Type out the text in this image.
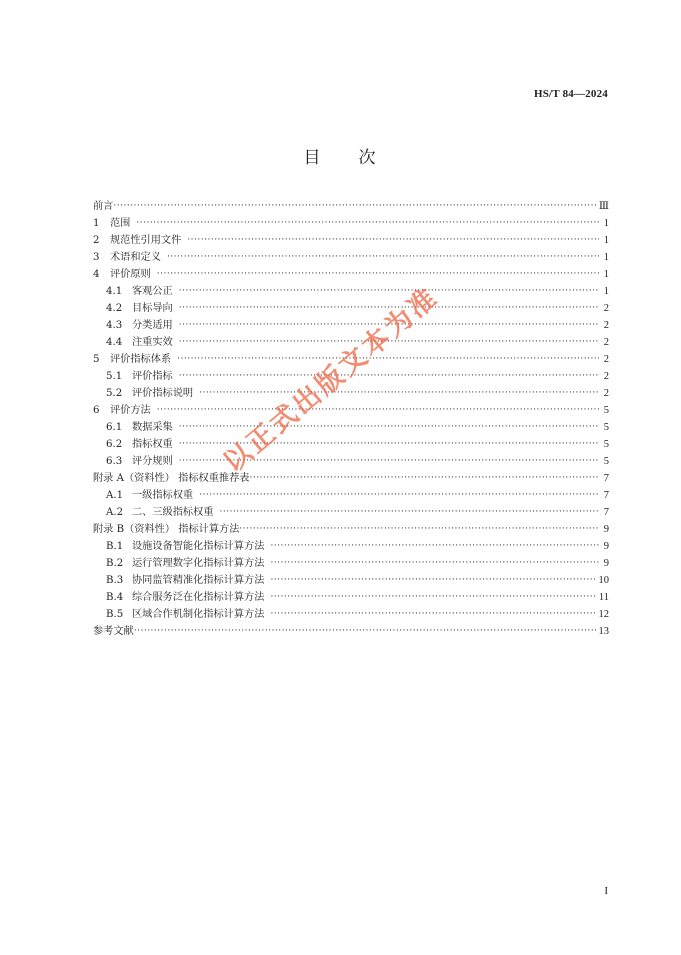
HS/T 84—2024
目 次
前言 ·····	Ⅲ
1	范围 ·····	1
2	规范性引用文件 ·····	1
3	术语和定义 ·····	1
4	评价原则 ·····	1
4.1 客观公正 ·····	1
4.2 目标导向 ·····	2
4.3 分类适用 ·····	2
4.4 注重实效 ·····	2
5	评价指标体系 ·····	2
5.1 评价指标 ·····	2
5.2 评价指标说明 ·····	2
6	评价方法 ·····	5
6.1 数据采集 ·····	5
6.2 指标权重 ·····	5
6.3 评分规则 ·····	5
附录 A（资料性） 指标权重推荐表 ·····	7
A.1 一级指标权重 ·····	7
A.2 二、三级指标权重 ·····	7
附录 B（资料性） 指标计算方法 ·····	9
B.1 设施设备智能化指标计算方法 ·····	9
B.2 运行管理数字化指标计算方法 ·····	9
B.3 协同监管精准化指标计算方法 ·····	10
B.4 综合服务泛在化指标计算方法 ·····	11
B.5 区域合作机制化指标计算方法 ·····	12
参考文献 ·····	13
以正式出版文本为准
I
